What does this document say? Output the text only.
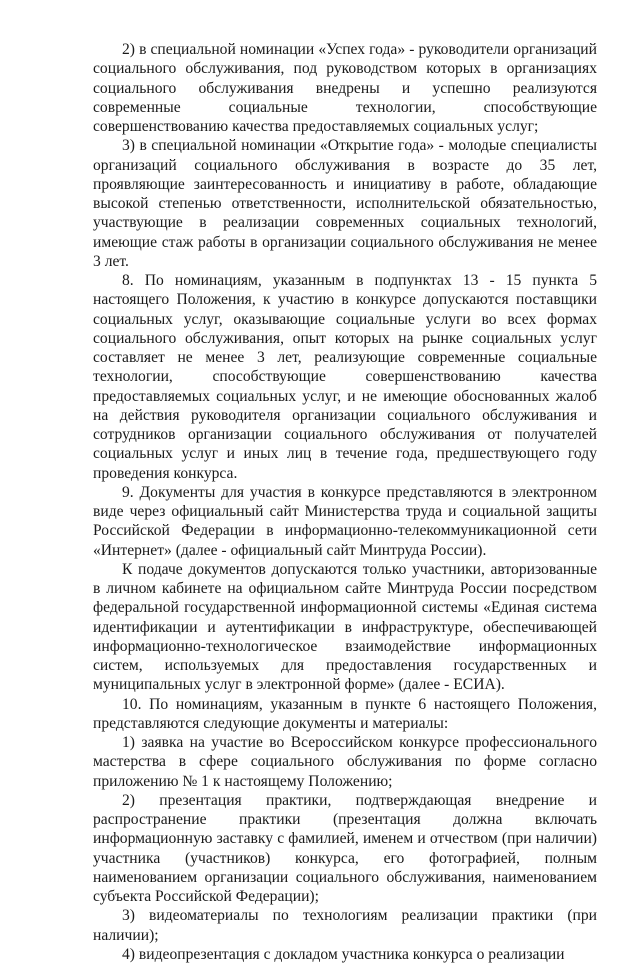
2) в специальной номинации «Успех года» - руководители организаций социального обслуживания, под руководством которых в организациях социального обслуживания внедрены и успешно реализуются современные социальные технологии, способствующие совершенствованию качества предоставляемых социальных услуг;

3) в специальной номинации «Открытие года» - молодые специалисты организаций социального обслуживания в возрасте до 35 лет, проявляющие заинтересованность и инициативу в работе, обладающие высокой степенью ответственности, исполнительской обязательностью, участвующие в реализации современных социальных технологий, имеющие стаж работы в организации социального обслуживания не менее 3 лет.

8. По номинациям, указанным в подпунктах 13 - 15 пункта 5 настоящего Положения, к участию в конкурсе допускаются поставщики социальных услуг, оказывающие социальные услуги во всех формах социального обслуживания, опыт которых на рынке социальных услуг составляет не менее 3 лет, реализующие современные социальные технологии, способствующие совершенствованию качества предоставляемых социальных услуг, и не имеющие обоснованных жалоб на действия руководителя организации социального обслуживания и сотрудников организации социального обслуживания от получателей социальных услуг и иных лиц в течение года, предшествующего году проведения конкурса.

9. Документы для участия в конкурсе представляются в электронном виде через официальный сайт Министерства труда и социальной защиты Российской Федерации в информационно-телекоммуникационной сети «Интернет» (далее - официальный сайт Минтруда России).

К подаче документов допускаются только участники, авторизованные в личном кабинете на официальном сайте Минтруда России посредством федеральной государственной информационной системы «Единая система идентификации и аутентификации в инфраструктуре, обеспечивающей информационно-технологическое взаимодействие информационных систем, используемых для предоставления государственных и муниципальных услуг в электронной форме» (далее - ЕСИА).

10. По номинациям, указанным в пункте 6 настоящего Положения, представляются следующие документы и материалы:

1) заявка на участие во Всероссийском конкурсе профессионального мастерства в сфере социального обслуживания по форме согласно приложению № 1 к настоящему Положению;

2) презентация практики, подтверждающая внедрение и распространение практики (презентация должна включать информационную заставку с фамилией, именем и отчеством (при наличии) участника (участников) конкурса, его фотографией, полным наименованием организации социального обслуживания, наименованием субъекта Российской Федерации);

3) видеоматериалы по технологиям реализации практики (при наличии);

4) видеопрезентация с докладом участника конкурса о реализации
